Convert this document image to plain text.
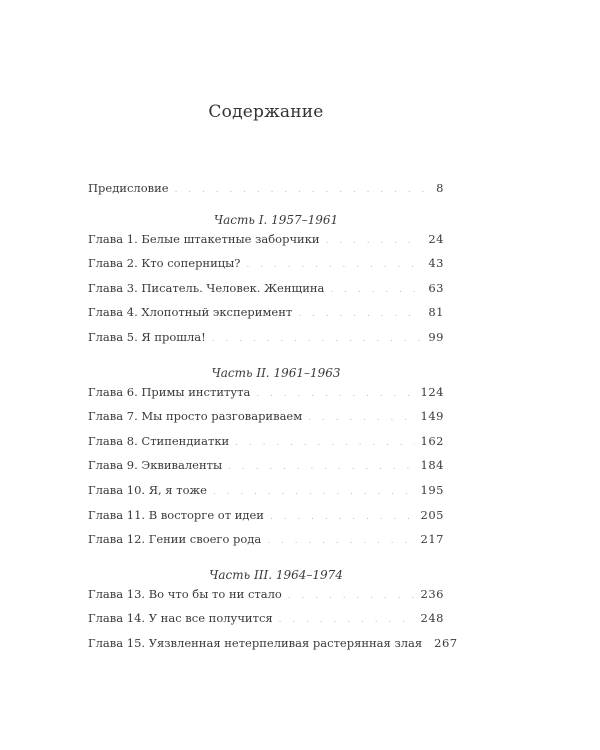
Содержание
Предисловие . . .	8
Часть I. 1957–1961
Глава 1. Белые штакетные заборчики . . .	24
Глава 2. Кто соперницы? . . .	43
Глава 3. Писатель. Человек. Женщина . . .	63
Глава 4. Хлопотный эксперимент . . .	81
Глава 5. Я прошла! . . .	99
Часть II. 1961–1963
Глава 6. Примы института . . .	124
Глава 7. Мы просто разговариваем . . .	149
Глава 8. Стипендиатки . . .	162
Глава 9. Эквиваленты . . .	184
Глава 10. Я, я тоже . . .	195
Глава 11. В восторге от идеи . . .	205
Глава 12. Гении своего рода . . .	217
Часть III. 1964–1974
Глава 13. Во что бы то ни стало . . .	236
Глава 14. У нас все получится . . .	248
Глава 15. Уязвленная нетерпеливая растерянная злая 267
